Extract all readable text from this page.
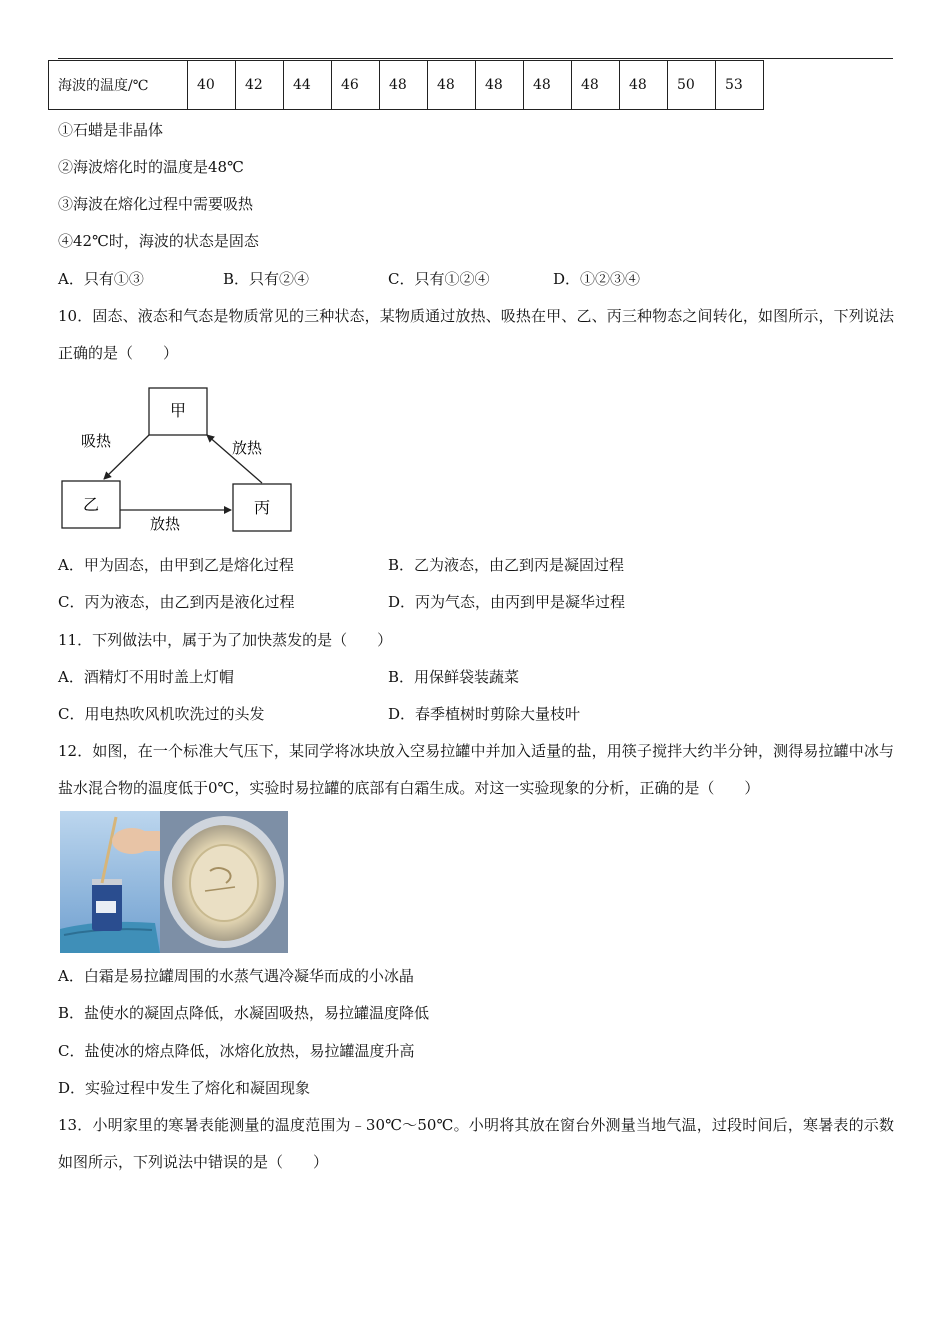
海波的温度/℃	40	42	44	46	48	48	48	48	48	48	50	53
①石蜡是非晶体
②海波熔化时的温度是48℃
③海波在熔化过程中需要吸热
④42℃时，海波的状态是固态
A．只有①③	B．只有②④	C．只有①②④	D．①②③④
10．固态、液态和气态是物质常见的三种状态，某物质通过放热、吸热在甲、乙、丙三种物态之间转化，如图所示，下列说法正确的是（　　）
甲
乙	丙
吸热	放热
放热
A．甲为固态，由甲到乙是熔化过程	B．乙为液态，由乙到丙是凝固过程
C．丙为液态，由乙到丙是液化过程	D．丙为气态，由丙到甲是凝华过程
11．下列做法中，属于为了加快蒸发的是（　　）
A．酒精灯不用时盖上灯帽	B．用保鲜袋装蔬菜
C．用电热吹风机吹洗过的头发	D．春季植树时剪除大量枝叶
12．如图，在一个标准大气压下，某同学将冰块放入空易拉罐中并加入适量的盐，用筷子搅拌大约半分钟，测得易拉罐中冰与盐水混合物的温度低于0℃，实验时易拉罐的底部有白霜生成。对这一实验现象的分析，正确的是（　　）
A．白霜是易拉罐周围的水蒸气遇冷凝华而成的小冰晶
B．盐使水的凝固点降低，水凝固吸热，易拉罐温度降低
C．盐使冰的熔点降低，冰熔化放热，易拉罐温度升高
D．实验过程中发生了熔化和凝固现象
13．小明家里的寒暑表能测量的温度范围为﹣30℃～50℃。小明将其放在窗台外测量当地气温，过段时间后，寒暑表的示数如图所示，下列说法中错误的是（　　）
